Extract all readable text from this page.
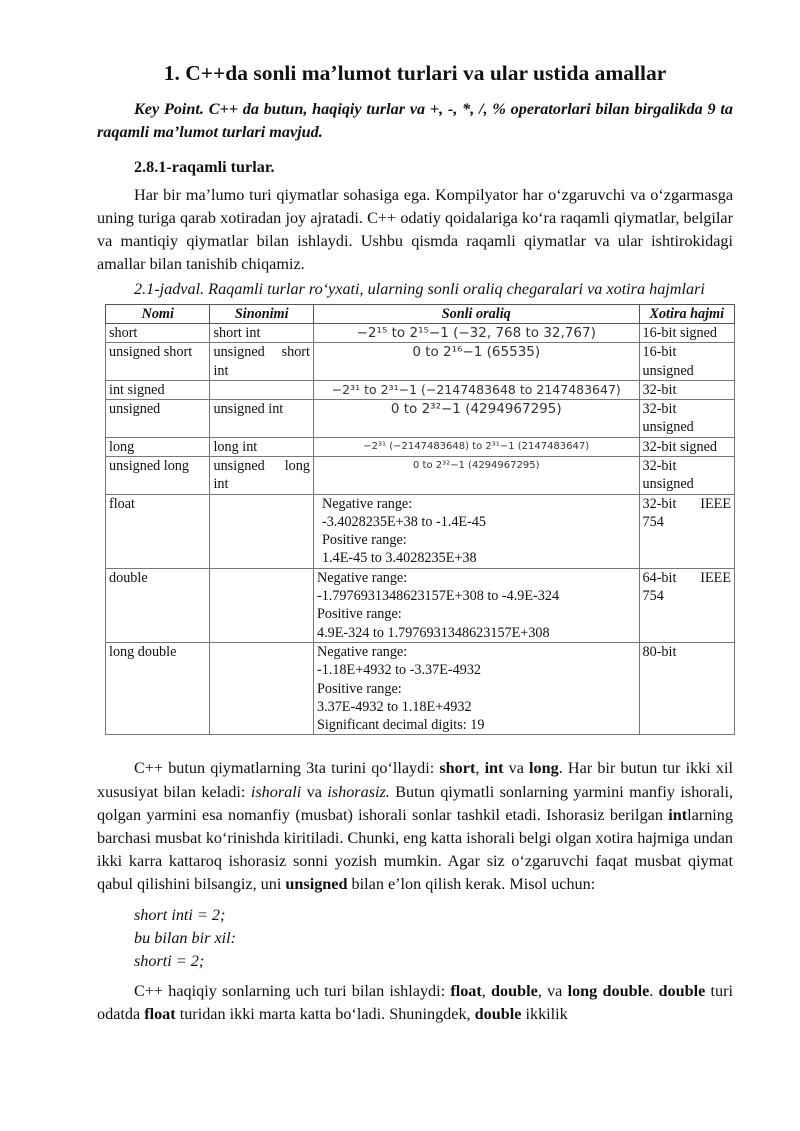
1. C++da sonli ma’lumot turlari va ular ustida amallar

Key Point. C++ da butun, haqiqiy turlar va +, -, *, /, % operatorlari bilan birgalikda 9 ta raqamli ma’lumot turlari mavjud.

2.8.1-raqamli turlar.

Har bir ma’lumo turi qiymatlar sohasiga ega. Kompilyator har o‘zgaruvchi va o‘zgarmasga uning turiga qarab xotiradan joy ajratadi. C++ odatiy qoidalariga ko‘ra raqamli qiymatlar, belgilar va mantiqiy qiymatlar bilan ishlaydi. Ushbu qismda raqamli qiymatlar va ular ishtirokidagi amallar bilan tanishib chiqamiz.

2.1-jadval. Raqamli turlar ro‘yxati, ularning sonli oraliq chegaralari va xotira hajmlari

Nomi	Sinonimi	Sonli oraliq	Xotira hajmi
short	short int	−2¹⁵ to 2¹⁵−1 (−32, 768 to 32,767)	16-bit signed
unsigned short	unsigned short int	0 to 2¹⁶−1 (65535)	16-bit unsigned
int signed		−2³¹ to 2³¹−1 (−2147483648 to 2147483647)	32-bit
unsigned	unsigned int	0 to 2³²−1 (4294967295)	32-bit unsigned
long	long int	−2³¹ (−2147483648) to 2³¹−1 (2147483647)	32-bit signed
unsigned long	unsigned long int	0 to 2³²−1 (4294967295)	32-bit unsigned
float		Negative range:
-3.4028235E+38 to -1.4E-45
Positive range:
1.4E-45 to 3.4028235E+38	32-bit IEEE 754
double		Negative range:
-1.7976931348623157E+308 to -4.9E-324
Positive range:
4.9E-324 to 1.7976931348623157E+308	64-bit IEEE 754
long double		Negative range:
-1.18E+4932 to -3.37E-4932
Positive range:
3.37E-4932 to 1.18E+4932
Significant decimal digits: 19	80-bit

C++ butun qiymatlarning 3ta turini qo‘llaydi: short, int va long. Har bir butun tur ikki xil xususiyat bilan keladi: ishorali va ishorasiz. Butun qiymatli sonlarning yarmini manfiy ishorali, qolgan yarmini esa nomanfiy (musbat) ishorali sonlar tashkil etadi. Ishorasiz berilgan intlarning barchasi musbat ko‘rinishda kiritiladi. Chunki, eng katta ishorali belgi olgan xotira hajmiga undan ikki karra kattaroq ishorasiz sonni yozish mumkin. Agar siz o‘zgaruvchi faqat musbat qiymat qabul qilishini bilsangiz, uni unsigned bilan e’lon qilish kerak. Misol uchun:

short inti = 2;
bu bilan bir xil:
shorti = 2;

C++ haqiqiy sonlarning uch turi bilan ishlaydi: float, double, va long double. double turi odatda float turidan ikki marta katta bo‘ladi. Shuningdek, double ikkilik
